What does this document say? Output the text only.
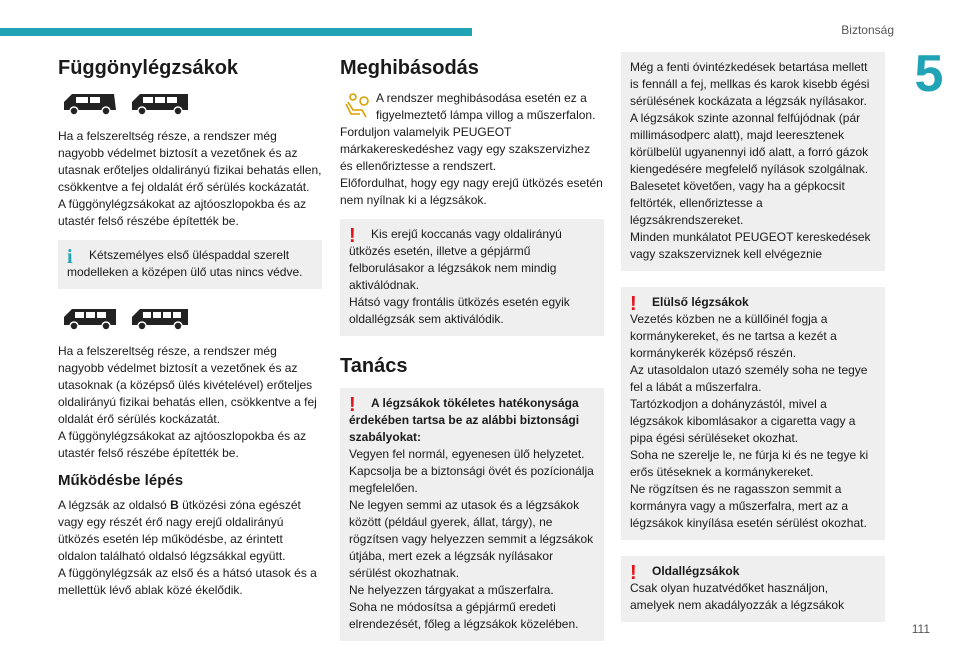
Biztonság
5
Függönylégzsákok

Ha a felszereltség része, a rendszer még nagyobb védelmet biztosít a vezetőnek és az utasnak erőteljes oldalirányú fizikai behatás ellen, csökkentve a fej oldalát érő sérülés kockázatát.
A függönylégzsákokat az ajtóoszlopokba és az utastér felső részébe építették be.

i	Kétszemélyes első üléspaddal szerelt modelleken a középen ülő utas nincs védve.

Ha a felszereltség része, a rendszer még nagyobb védelmet biztosít a vezetőnek és az utasoknak (a középső ülés kivételével) erőteljes oldalirányú fizikai behatás ellen, csökkentve a fej oldalát érő sérülés kockázatát.
A függönylégzsákokat az ajtóoszlopokba és az utastér felső részébe építették be.

Működésbe lépés

A légzsák az oldalsó B ütközési zóna egészét vagy egy részét érő nagy erejű oldalirányú ütközés esetén lép működésbe, az érintett oldalon található oldalsó légzsákkal együtt.
A függönylégzsák az első és a hátsó utasok és a mellettük lévő ablak közé ékelődik.

Meghibásodás

A rendszer meghibásodása esetén ez a figyelmeztető lámpa villog a műszerfalon.

Forduljon valamelyik PEUGEOT márkakereskedéshez vagy egy szakszervizhez és ellenőriztesse a rendszert.
Előfordulhat, hogy egy nagy erejű ütközés esetén nem nyílnak ki a légzsákok.

!	Kis erejű koccanás vagy oldalirányú ütközés esetén, illetve a gépjármű felborulásakor a légzsákok nem mindig aktiválódnak.
Hátsó vagy frontális ütközés esetén egyik oldallégzsák sem aktiválódik.

Tanács
!	A légzsákok tökéletes hatékonysága érdekében tartsa be az alábbi biztonsági szabályokat:

Vegyen fel normál, egyenesen ülő helyzetet.
Kapcsolja be a biztonsági övét és pozícionálja megfelelően.
Ne legyen semmi az utasok és a légzsákok között (például gyerek, állat, tárgy), ne rögzítsen vagy helyezzen semmit a légzsákok útjába, mert ezek a légzsák nyílásakor sérülést okozhatnak.
Ne helyezzen tárgyakat a műszerfalra.
Soha ne módosítsa a gépjármű eredeti elrendezését, főleg a légzsákok közelében.

Még a fenti óvintézkedések betartása mellett is fennáll a fej, mellkas és karok kisebb égési sérülésének kockázata a légzsák nyílásakor.
A légzsákok szinte azonnal felfújódnak (pár millimásodperc alatt), majd leeresztenek körülbelül ugyanennyi idő alatt, a forró gázok kiengedésére megfelelő nyílások szolgálnak.
Balesetet követően, vagy ha a gépkocsit feltörték, ellenőriztesse a légzsákrendszereket.
Minden munkálatot PEUGEOT kereskedések vagy szakszerviznek kell elvégeznie

!	Elülső légzsákok

Vezetés közben ne a küllőinél fogja a kormánykereket, és ne tartsa a kezét a kormánykerék középső részén.
Az utasoldalon utazó személy soha ne tegye fel a lábát a műszerfalra.
Tartózkodjon a dohányzástól, mivel a légzsákok kibomlásakor a cigaretta vagy a pipa égési sérüléseket okozhat.
Soha ne szerelje le, ne fúrja ki és ne tegye ki erős ütéseknek a kormánykereket.
Ne rögzítsen és ne ragasszon semmit a kormányra vagy a műszerfalra, mert az a légzsákok kinyílása esetén sérülést okozhat.

!	Oldallégzsákok

Csak olyan huzatvédőket használjon, amelyek nem akadályozzák a légzsákok

111
